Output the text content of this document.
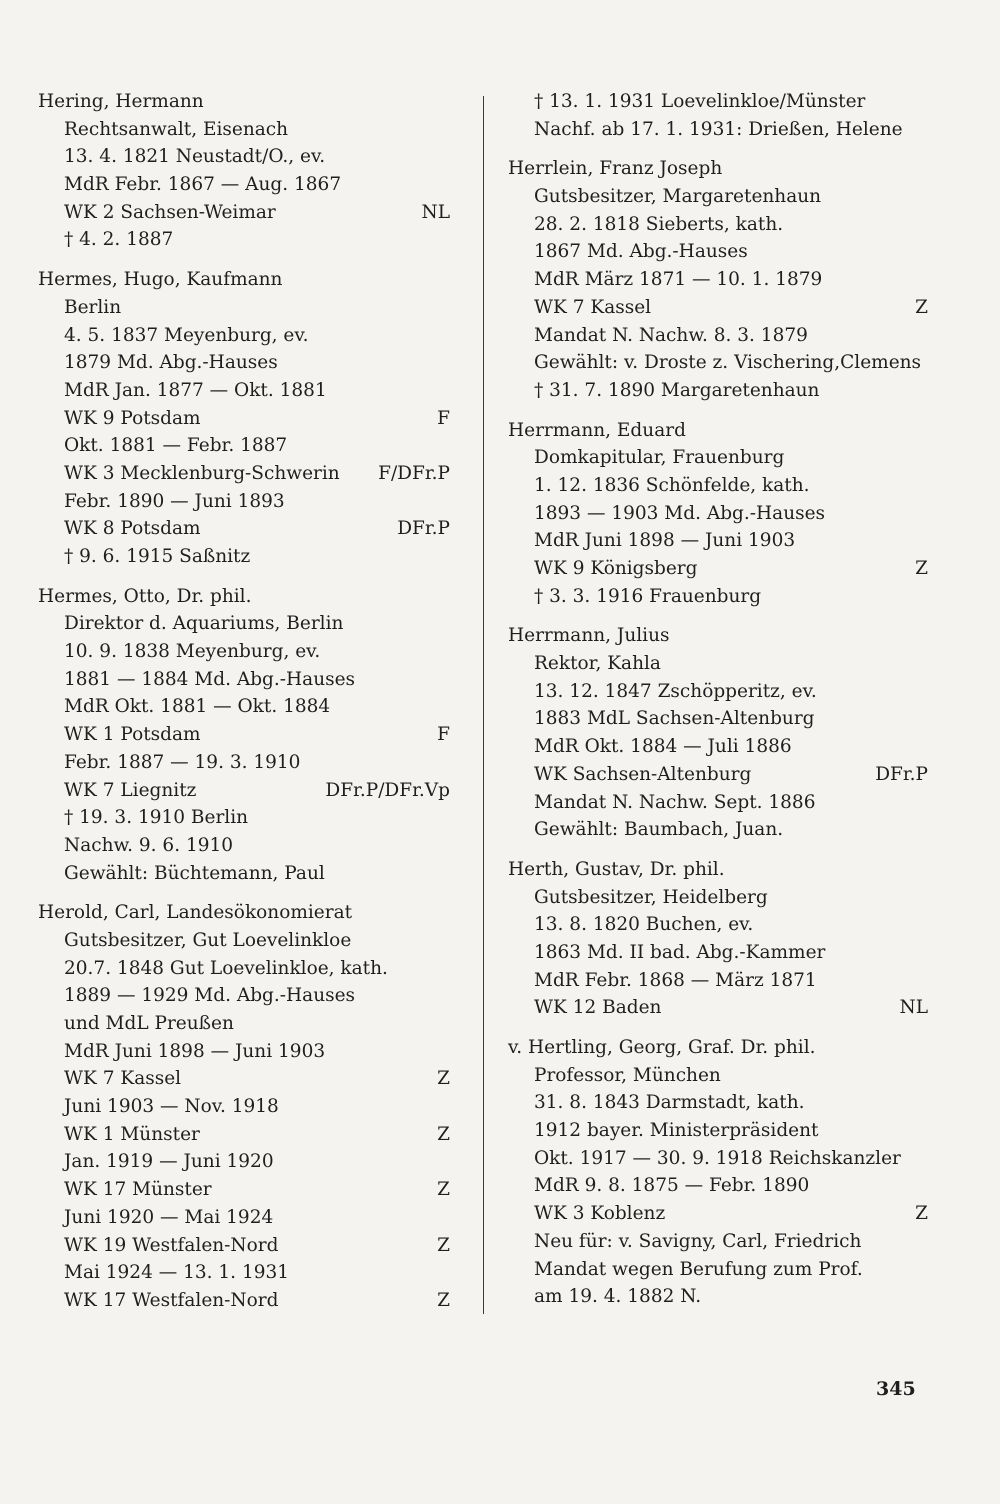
Hering, Hermann
Rechtsanwalt, Eisenach
13. 4. 1821 Neustadt/O., ev.
MdR Febr. 1867 — Aug. 1867
WK 2 Sachsen-Weimar	NL
† 4. 2. 1887
Hermes, Hugo, Kaufmann
Berlin
4. 5. 1837 Meyenburg, ev.
1879 Md. Abg.-Hauses
MdR Jan. 1877 — Okt. 1881
WK 9 Potsdam	F
Okt. 1881 — Febr. 1887
WK 3 Mecklenburg-Schwerin F/DFr.P
Febr. 1890 — Juni 1893
WK 8 Potsdam	DFr.P
† 9. 6. 1915 Saßnitz
Hermes, Otto, Dr. phil.
Direktor d. Aquariums, Berlin
10. 9. 1838 Meyenburg, ev.
1881 — 1884 Md. Abg.-Hauses
MdR Okt. 1881 — Okt. 1884
WK 1 Potsdam	F
Febr. 1887 — 19. 3. 1910
WK 7 Liegnitz	DFr.P/DFr.Vp
† 19. 3. 1910 Berlin
Nachw. 9. 6. 1910
Gewählt: Büchtemann, Paul
Herold, Carl, Landesökonomierat
Gutsbesitzer, Gut Loevelinkloe
20.7. 1848 Gut Loevelinkloe, kath.
1889 — 1929 Md. Abg.-Hauses
und MdL Preußen
MdR Juni 1898 — Juni 1903
WK 7 Kassel	Z
Juni 1903 — Nov. 1918
WK 1 Münster	Z
Jan. 1919 — Juni 1920
WK 17 Münster	Z
Juni 1920 — Mai 1924
WK 19 Westfalen-Nord	Z
Mai 1924 — 13. 1. 1931
WK 17 Westfalen-Nord	Z
† 13. 1. 1931 Loevelinkloe/Münster
Nachf. ab 17. 1. 1931: Drießen, Helene
Herrlein, Franz Joseph
Gutsbesitzer, Margaretenhaun
28. 2. 1818 Sieberts, kath.
1867 Md. Abg.-Hauses
MdR März 1871 — 10. 1. 1879
WK 7 Kassel	Z
Mandat N. Nachw. 8. 3. 1879
Gewählt: v. Droste z. Vischering,Clemens
† 31. 7. 1890 Margaretenhaun
Herrmann, Eduard
Domkapitular, Frauenburg
1. 12. 1836 Schönfelde, kath.
1893 — 1903 Md. Abg.-Hauses
MdR Juni 1898 — Juni 1903
WK 9 Königsberg	Z
† 3. 3. 1916 Frauenburg
Herrmann, Julius
Rektor, Kahla
13. 12. 1847 Zschöpperitz, ev.
1883 MdL Sachsen-Altenburg
MdR Okt. 1884 — Juli 1886
WK Sachsen-Altenburg	DFr.P
Mandat N. Nachw. Sept. 1886
Gewählt: Baumbach, Juan.
Herth, Gustav, Dr. phil.
Gutsbesitzer, Heidelberg
13. 8. 1820 Buchen, ev.
1863 Md. II bad. Abg.-Kammer
MdR Febr. 1868 — März 1871
WK 12 Baden	NL
v. Hertling, Georg, Graf. Dr. phil.
Professor, München
31. 8. 1843 Darmstadt, kath.
1912 bayer. Ministerpräsident
Okt. 1917 — 30. 9. 1918 Reichskanzler
MdR 9. 8. 1875 — Febr. 1890
WK 3 Koblenz	Z
Neu für: v. Savigny, Carl, Friedrich
Mandat wegen Berufung zum Prof.
am 19. 4. 1882 N.
345
